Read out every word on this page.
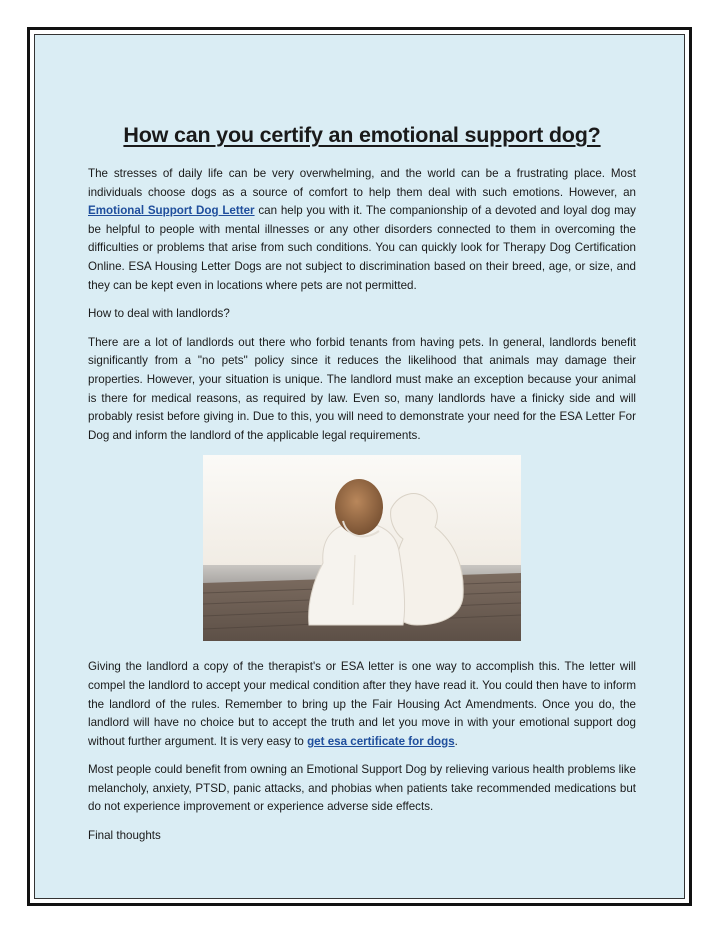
How can you certify an emotional support dog?

The stresses of daily life can be very overwhelming, and the world can be a frustrating place. Most individuals choose dogs as a source of comfort to help them deal with such emotions. However, an Emotional Support Dog Letter can help you with it. The companionship of a devoted and loyal dog may be helpful to people with mental illnesses or any other disorders connected to them in overcoming the difficulties or problems that arise from such conditions. You can quickly look for Therapy Dog Certification Online. ESA Housing Letter Dogs are not subject to discrimination based on their breed, age, or size, and they can be kept even in locations where pets are not permitted.

How to deal with landlords?

There are a lot of landlords out there who forbid tenants from having pets. In general, landlords benefit significantly from a "no pets" policy since it reduces the likelihood that animals may damage their properties. However, your situation is unique. The landlord must make an exception because your animal is there for medical reasons, as required by law. Even so, many landlords have a finicky side and will probably resist before giving in. Due to this, you will need to demonstrate your need for the ESA Letter For Dog and inform the landlord of the applicable legal requirements.

Giving the landlord a copy of the therapist's or ESA letter is one way to accomplish this. The letter will compel the landlord to accept your medical condition after they have read it. You could then have to inform the landlord of the rules. Remember to bring up the Fair Housing Act Amendments. Once you do, the landlord will have no choice but to accept the truth and let you move in with your emotional support dog without further argument. It is very easy to get esa certificate for dogs.

Most people could benefit from owning an Emotional Support Dog by relieving various health problems like melancholy, anxiety, PTSD, panic attacks, and phobias when patients take recommended medications but do not experience improvement or experience adverse side effects.

Final thoughts
